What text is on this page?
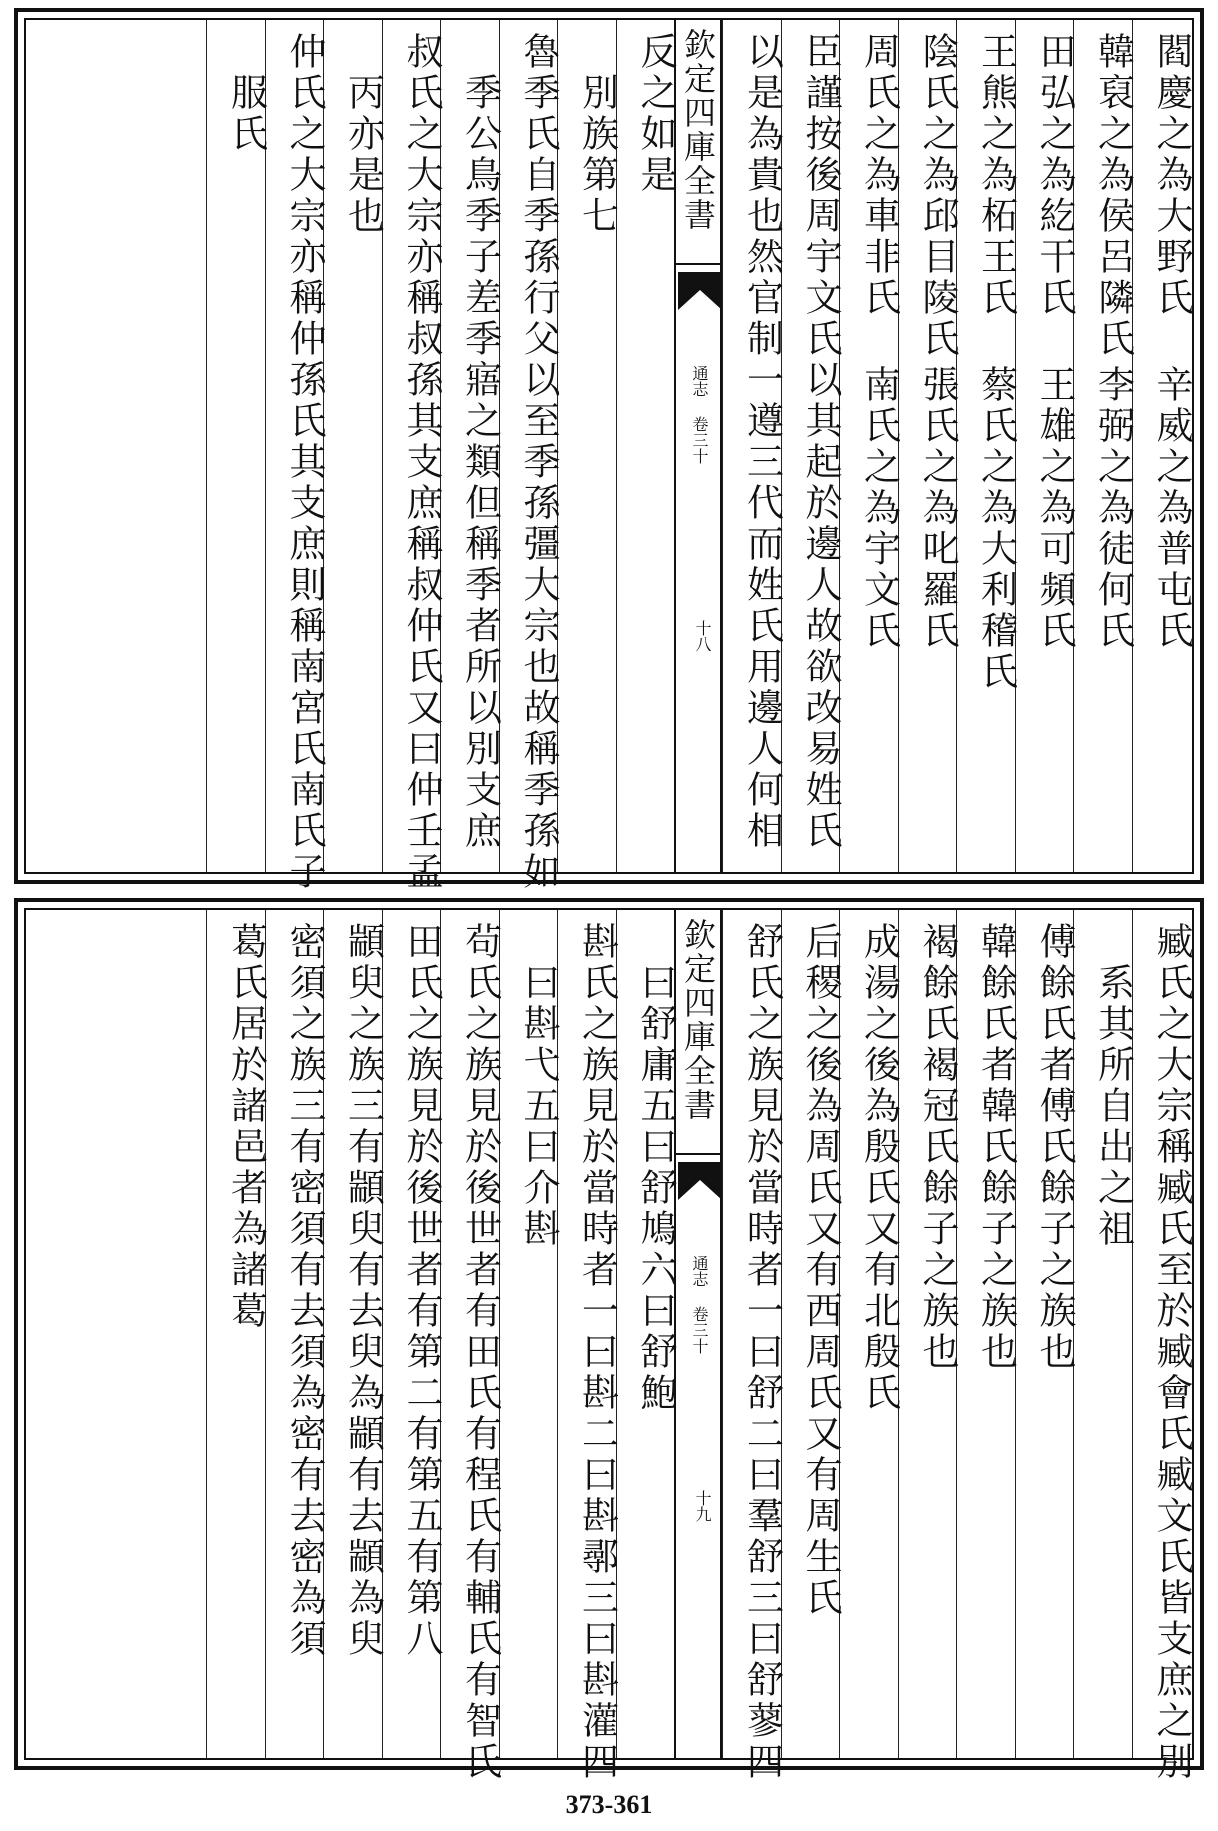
閻慶之為大野氏
辛威之為普屯氏
韓裒之為侯呂隣氏
李弼之為徒何氏
田弘之為紇干氏
王雄之為可頻氏
王熊之為柘王氏
蔡氏之為大利稽氏
陰氏之為邱目陵氏
張氏之為叱羅氏
周氏之為車非氏
南氏之為宇文氏
臣謹按後周宇文氏以其起於邊人故欲改易姓氏
以是為貴也然官制一遵三代而姓氏用邊人何相
反之如是
　別族第七
魯季氏自季孫行父以至季孫彊大宗也故稱季孫如
　季公鳥季子差季寤之類但稱季者所以別支庶
叔氏之大宗亦稱叔孫其支庶稱叔仲氏又曰仲壬孟
　丙亦是也
仲氏之大宗亦稱仲孫氏其支庶則稱南宮氏南氏子
　服氏	欽定四庫全書
通志 卷三十
十八
臧氏之大宗稱臧氏至於臧會氏臧文氏皆支庶之別
　系其所自出之祖
傅餘氏者傅氏餘子之族也
韓餘氏者韓氏餘子之族也
褐餘氏褐冠氏餘子之族也
成湯之後為殷氏又有北殷氏
后稷之後為周氏又有西周氏又有周生氏
舒氏之族見於當時者一曰舒二曰羣舒三曰舒蓼四
　曰舒庸五曰舒鳩六曰舒鮑
斟氏之族見於當時者一曰斟二曰斟鄩三曰斟灌四
　曰斟弋五曰介斟
茍氏之族見於後世者有田氏有程氏有輔氏有智氏
田氏之族見於後世者有第二有第五有第八
顓臾之族三有顓臾有去臾為顓有去顓為臾
密須之族三有密須有去須為密有去密為須
葛氏居於諸邑者為諸葛	欽定四庫全書
通志 卷三十
十九
373-361
